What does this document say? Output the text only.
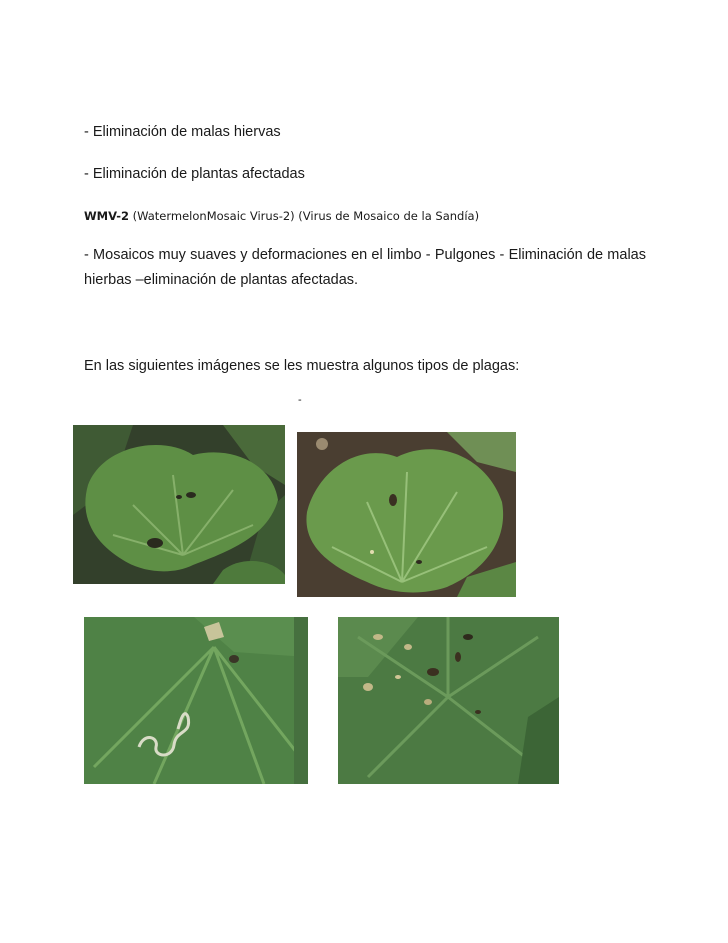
- Eliminación de malas hiervas
- Eliminación de plantas afectadas
WMV-2 (WatermelonMosaic Virus-2) (Virus de Mosaico de la Sandía)
- Mosaicos muy suaves y deformaciones en el limbo - Pulgones - Eliminación de malas hierbas –eliminación de plantas afectadas.
En las siguientes imágenes se les muestra algunos tipos de plagas:
-
